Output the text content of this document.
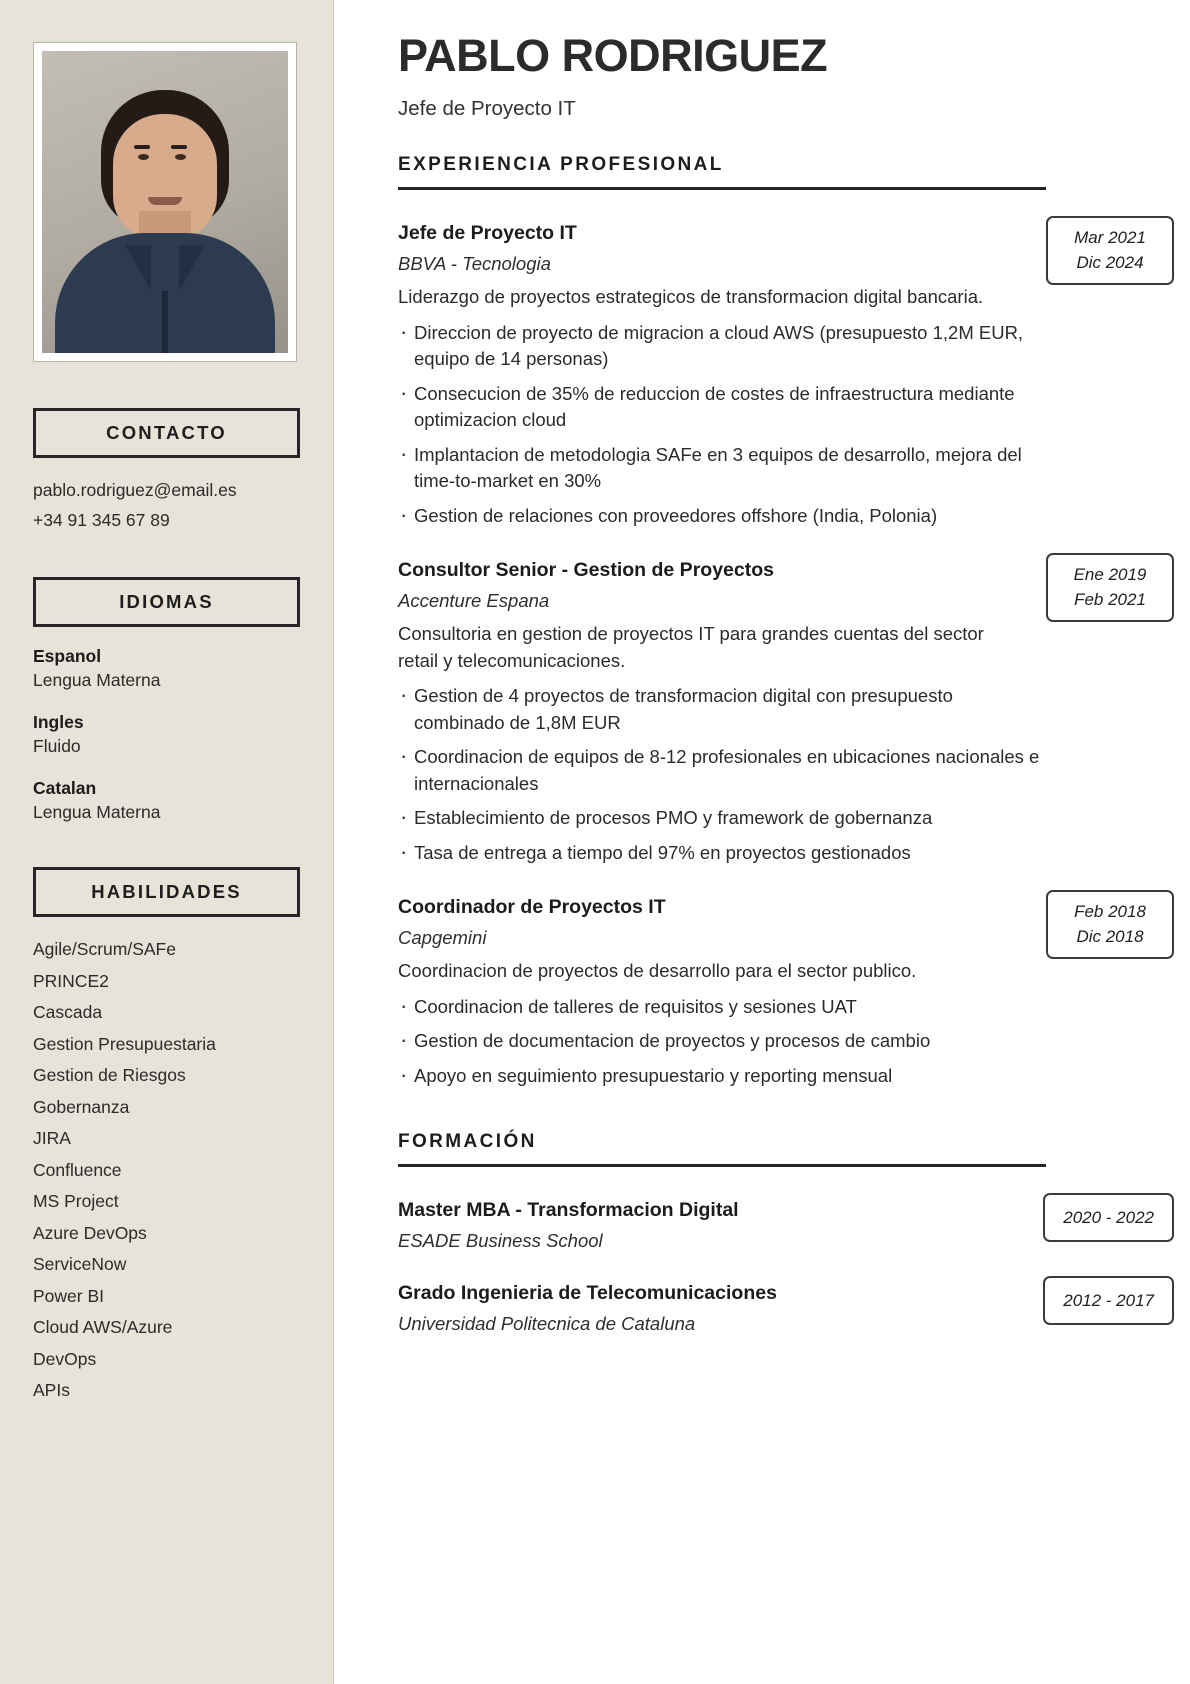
CONTACTO
pablo.rodriguez@email.es
+34 91 345 67 89
IDIOMAS
Espanol
Lengua Materna
Ingles
Fluido
Catalan
Lengua Materna
HABILIDADES
Agile/Scrum/SAFe
PRINCE2
Cascada
Gestion Presupuestaria
Gestion de Riesgos
Gobernanza
JIRA
Confluence
MS Project
Azure DevOps
ServiceNow
Power BI
Cloud AWS/Azure
DevOps
APIs
PABLO RODRIGUEZ
Jefe de Proyecto IT
EXPERIENCIA PROFESIONAL
Mar 2021
Dic 2024
Jefe de Proyecto IT
BBVA - Tecnologia
Liderazgo de proyectos estrategicos de transformacion digital bancaria.
· Direccion de proyecto de migracion a cloud AWS (presupuesto 1,2M EUR, equipo de 14 personas)
· Consecucion de 35% de reduccion de costes de infraestructura mediante optimizacion cloud
· Implantacion de metodologia SAFe en 3 equipos de desarrollo, mejora del time-to-market en 30%
· Gestion de relaciones con proveedores offshore (India, Polonia)
Ene 2019
Feb 2021
Consultor Senior - Gestion de Proyectos
Accenture Espana
Consultoria en gestion de proyectos IT para grandes cuentas del sector retail y telecomunicaciones.
· Gestion de 4 proyectos de transformacion digital con presupuesto combinado de 1,8M EUR
· Coordinacion de equipos de 8-12 profesionales en ubicaciones nacionales e internacionales
· Establecimiento de procesos PMO y framework de gobernanza
· Tasa de entrega a tiempo del 97% en proyectos gestionados
Feb 2018
Dic 2018
Coordinador de Proyectos IT
Capgemini
Coordinacion de proyectos de desarrollo para el sector publico.
· Coordinacion de talleres de requisitos y sesiones UAT
· Gestion de documentacion de proyectos y procesos de cambio
· Apoyo en seguimiento presupuestario y reporting mensual
FORMACIÓN
2020 - 2022
Master MBA - Transformacion Digital
ESADE Business School
2012 - 2017
Grado Ingenieria de Telecomunicaciones
Universidad Politecnica de Cataluna
